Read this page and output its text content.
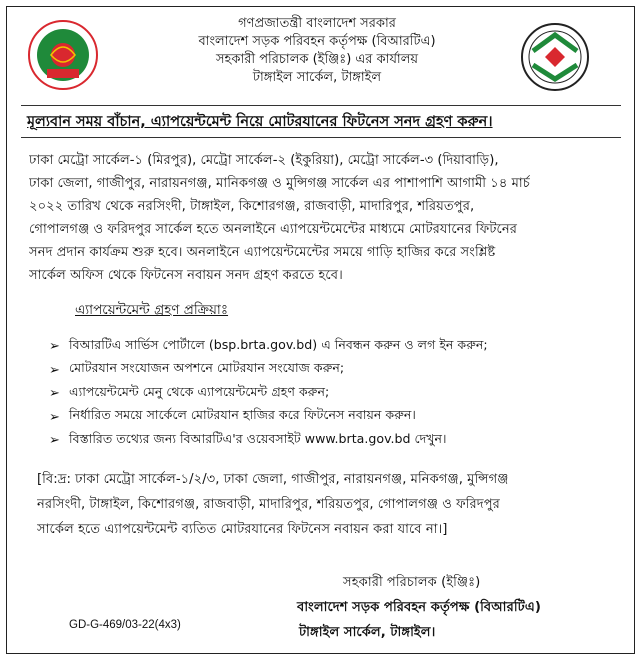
গণপ্রজাতন্ত্রী বাংলাদেশ সরকার
বাংলাদেশ সড়ক পরিবহন কর্তৃপক্ষ (বিআরটিএ)
সহকারী পরিচালক (ইঞ্জিঃ) এর কার্যালয়
টাঙ্গাইল সার্কেল, টাঙ্গাইল
মূল্যবান সময় বাঁচান, এ্যাপয়েন্টমেন্ট নিয়ে মোটরযানের ফিটনেস সনদ গ্রহণ করুন।
ঢাকা মেট্রো সার্কেল-১ (মিরপুর), মেট্রো সার্কেল-২ (ইকুরিয়া), মেট্রো সার্কেল-৩ (দিয়াবাড়ি),
ঢাকা জেলা, গাজীপুর, নারায়নগঞ্জ, মানিকগঞ্জ ও মুন্সিগঞ্জ সার্কেল এর পাশাপাশি আগামী ১৪ মার্চ
২০২২ তারিখ থেকে নরসিংদী, টাঙ্গাইল, কিশোরগঞ্জ, রাজবাড়ী, মাদারিপুর, শরিয়তপুর,
গোপালগঞ্জ ও ফরিদপুর সার্কেল হতে অনলাইনে এ্যাপয়েন্টমেন্টের মাধ্যমে মোটরযানের ফিটনের
সনদ প্রদান কার্যক্রম শুরু হবে। অনলাইনে এ্যাপয়েন্টমেন্টের সময়ে গাড়ি হাজির করে সংশ্লিষ্ট
সার্কেল অফিস থেকে ফিটনেস নবায়ন সনদ গ্রহণ করতে হবে।
এ্যাপয়েন্টমেন্ট গ্রহণ প্রক্রিয়াঃ
➢ বিআরটিএ সার্ভিস পোর্টালে (bsp.brta.gov.bd) এ নিবন্ধন করুন ও লগ ইন করুন;
➢ মোটরযান সংযোজন অপশনে মোটরযান সংযোজ করুন;
➢ এ্যাপয়েন্টমেন্ট মেনু থেকে এ্যাপয়েন্টমেন্ট গ্রহণ করুন;
➢ নির্ধারিত সময়ে সার্কেলে মোটরযান হাজির করে ফিটনেস নবায়ন করুন।
➢ বিস্তারিত তথ্যের জন্য বিআরটিএ'র ওয়েবসাইট www.brta.gov.bd দেখুন।
[বি:দ্র: ঢাকা মেট্রো সার্কেল-১/২/৩, ঢাকা জেলা, গাজীপুর, নারায়নগঞ্জ, মনিকগঞ্জ, মুন্সিগঞ্জ
নরসিংদী, টাঙ্গাইল, কিশোরগঞ্জ, রাজবাড়ী, মাদারিপুর, শরিয়তপুর, গোপালগঞ্জ ও ফরিদপুর
সার্কেল হতে এ্যাপয়েন্টমেন্ট ব্যতিত মোটরযানের ফিটনেস নবায়ন করা যাবে না।]
সহকারী পরিচালক (ইঞ্জিঃ)
বাংলাদেশ সড়ক পরিবহন কর্তৃপক্ষ (বিআরটিএ)
টাঙ্গাইল সার্কেল, টাঙ্গাইল।
GD-G-469/03-22(4x3)
